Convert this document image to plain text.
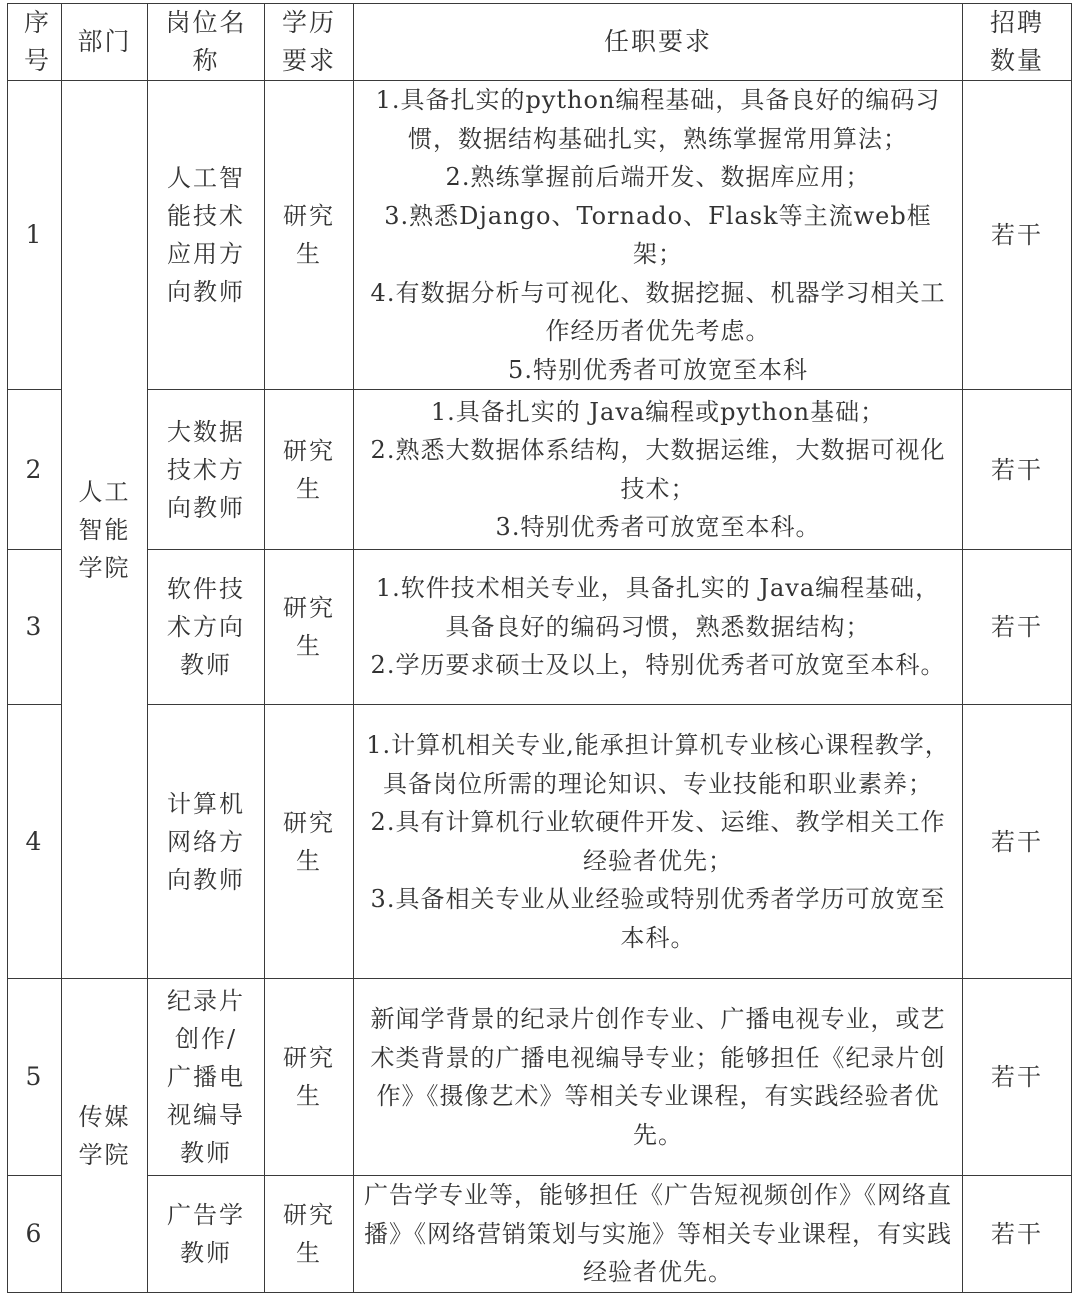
序号	部门	岗位名称	学历要求	任职要求	招聘数量
1	人工智能学院	人工智能技术应用方向教师	研究生	1.具备扎实的python编程基础，具备良好的编码习惯，数据结构基础扎实，熟练掌握常用算法；
2.熟练掌握前后端开发、数据库应用；
3.熟悉Django、Tornado、Flask等主流web框架；
4.有数据分析与可视化、数据挖掘、机器学习相关工作经历者优先考虑。
5.特别优秀者可放宽至本科	若干
2		大数据技术方向教师	研究生	1.具备扎实的 Java编程或python基础；
2.熟悉大数据体系结构，大数据运维，大数据可视化技术；
3.特别优秀者可放宽至本科。	若干
3		软件技术方向教师	研究生	1.软件技术相关专业，具备扎实的 Java编程基础，具备良好的编码习惯，熟悉数据结构；
2.学历要求硕士及以上，特别优秀者可放宽至本科。	若干
4		计算机网络方向教师	研究生	1.计算机相关专业,能承担计算机专业核心课程教学，具备岗位所需的理论知识、专业技能和职业素养；
2.具有计算机行业软硬件开发、运维、教学相关工作经验者优先；
3.具备相关专业从业经验或特别优秀者学历可放宽至本科。	若干
5	传媒学院	纪录片创作/广播电视编导教师	研究生	新闻学背景的纪录片创作专业、广播电视专业，或艺术类背景的广播电视编导专业；能够担任《纪录片创作》《摄像艺术》等相关专业课程，有实践经验者优先。	若干
6		广告学教师	研究生	广告学专业等，能够担任《广告短视频创作》《网络直播》《网络营销策划与实施》等相关专业课程，有实践经验者优先。	若干
